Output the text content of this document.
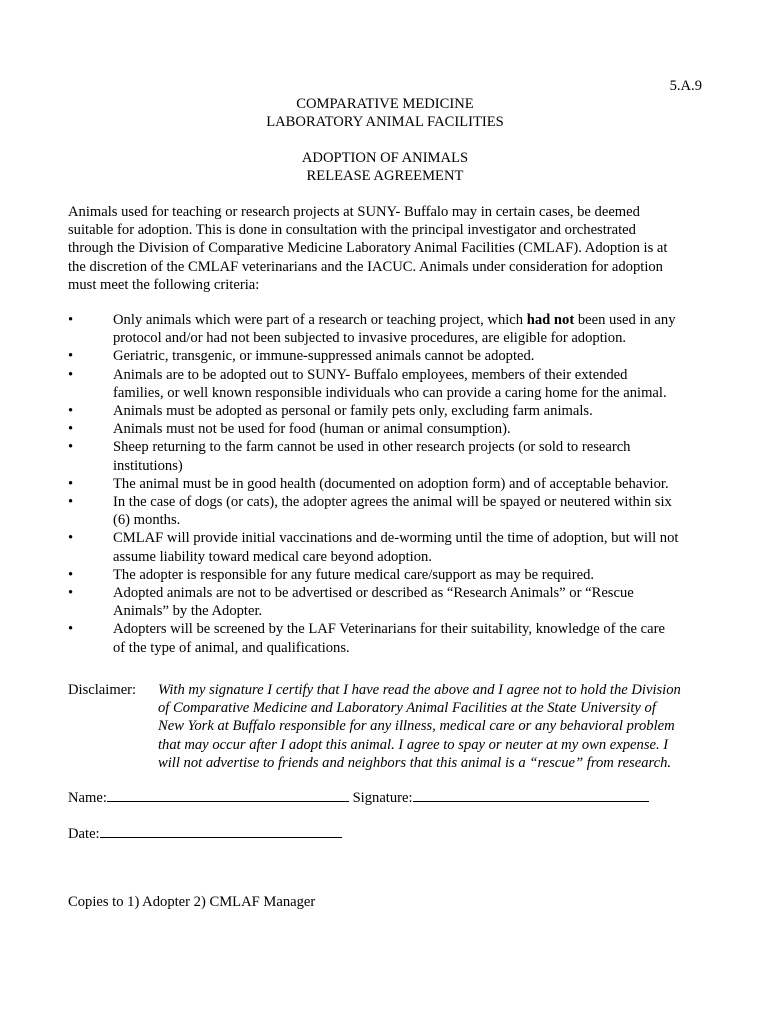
5.A.9
COMPARATIVE MEDICINE
LABORATORY ANIMAL FACILITIES
ADOPTION OF ANIMALS
RELEASE AGREEMENT
Animals used for teaching or research projects at SUNY- Buffalo may in certain cases, be deemed
suitable for adoption. This is done in consultation with the principal investigator and orchestrated
through the Division of Comparative Medicine Laboratory Animal Facilities (CMLAF). Adoption is at
the discretion of the CMLAF veterinarians and the IACUC. Animals under consideration for adoption
must meet the following criteria:
•	Only animals which were part of a research or teaching project, which had not been used in any
protocol and/or had not been subjected to invasive procedures, are eligible for adoption.
•	Geriatric, transgenic, or immune-suppressed animals cannot be adopted.
•	Animals are to be adopted out to SUNY- Buffalo employees, members of their extended
families, or well known responsible individuals who can provide a caring home for the animal.
•	Animals must be adopted as personal or family pets only, excluding farm animals.
•	Animals must not be used for food (human or animal consumption).
•	Sheep returning to the farm cannot be used in other research projects (or sold to research
institutions)
•	The animal must be in good health (documented on adoption form) and of acceptable behavior.
•	In the case of dogs (or cats), the adopter agrees the animal will be spayed or neutered within six
(6) months.
•	CMLAF will provide initial vaccinations and de-worming until the time of adoption, but will not
assume liability toward medical care beyond adoption.
•	The adopter is responsible for any future medical care/support as may be required.
•	Adopted animals are not to be advertised or described as “Research Animals” or “Rescue
Animals” by the Adopter.
•	Adopters will be screened by the LAF Veterinarians for their suitability, knowledge of the care
of the type of animal, and qualifications.
Disclaimer: With my signature I certify that I have read the above and I agree not to hold the Division
of Comparative Medicine and Laboratory Animal Facilities at the State University of
New York at Buffalo responsible for any illness, medical care or any behavioral problem
that may occur after I adopt this animal. I agree to spay or neuter at my own expense. I
will not advertise to friends and neighbors that this animal is a “rescue” from research.
Name:	Signature:
Date:
Copies to 1) Adopter 2) CMLAF Manager
